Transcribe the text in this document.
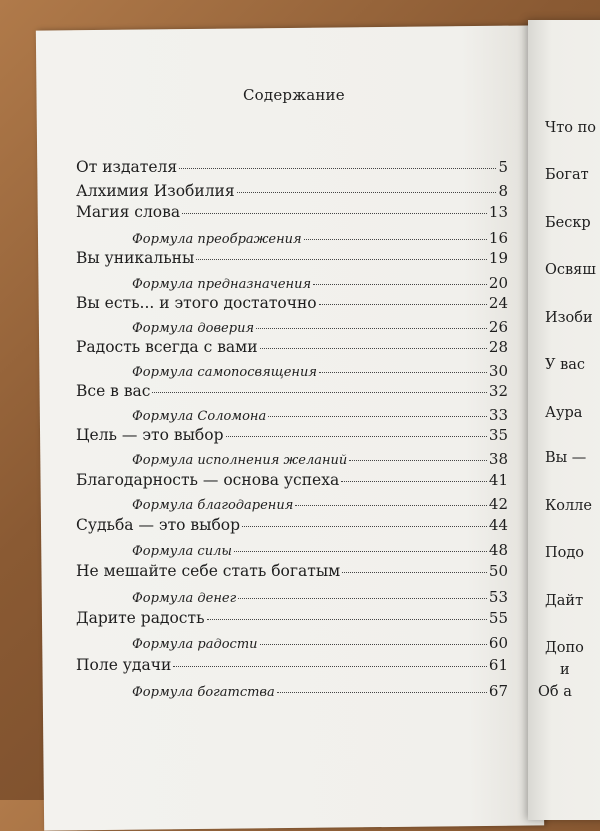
Содержание
От издателя	5
Алхимия Изобилия	8
Магия слова	13
Формула преображения	16
Вы уникальны	19
Формула предназначения	20
Вы есть... и этого достаточно	24
Формула доверия	26
Радость всегда с вами	28
Формула самопосвящения	30
Все в вас	32
Формула Соломона	33
Цель — это выбор	35
Формула исполнения желаний	38
Благодарность — основа успеха	41
Формула благодарения	42
Судьба — это выбор	44
Формула силы	48
Не мешайте себе стать богатым	50
Формула денег	53
Дарите радость	55
Формула радости	60
Поле удачи	61
Формула богатства	67
Что по
Богат
Бескр
Освяш
Изоби
У вас
Аура
Вы —
Колле
Подо
Дайт
Допо
и
Об а
